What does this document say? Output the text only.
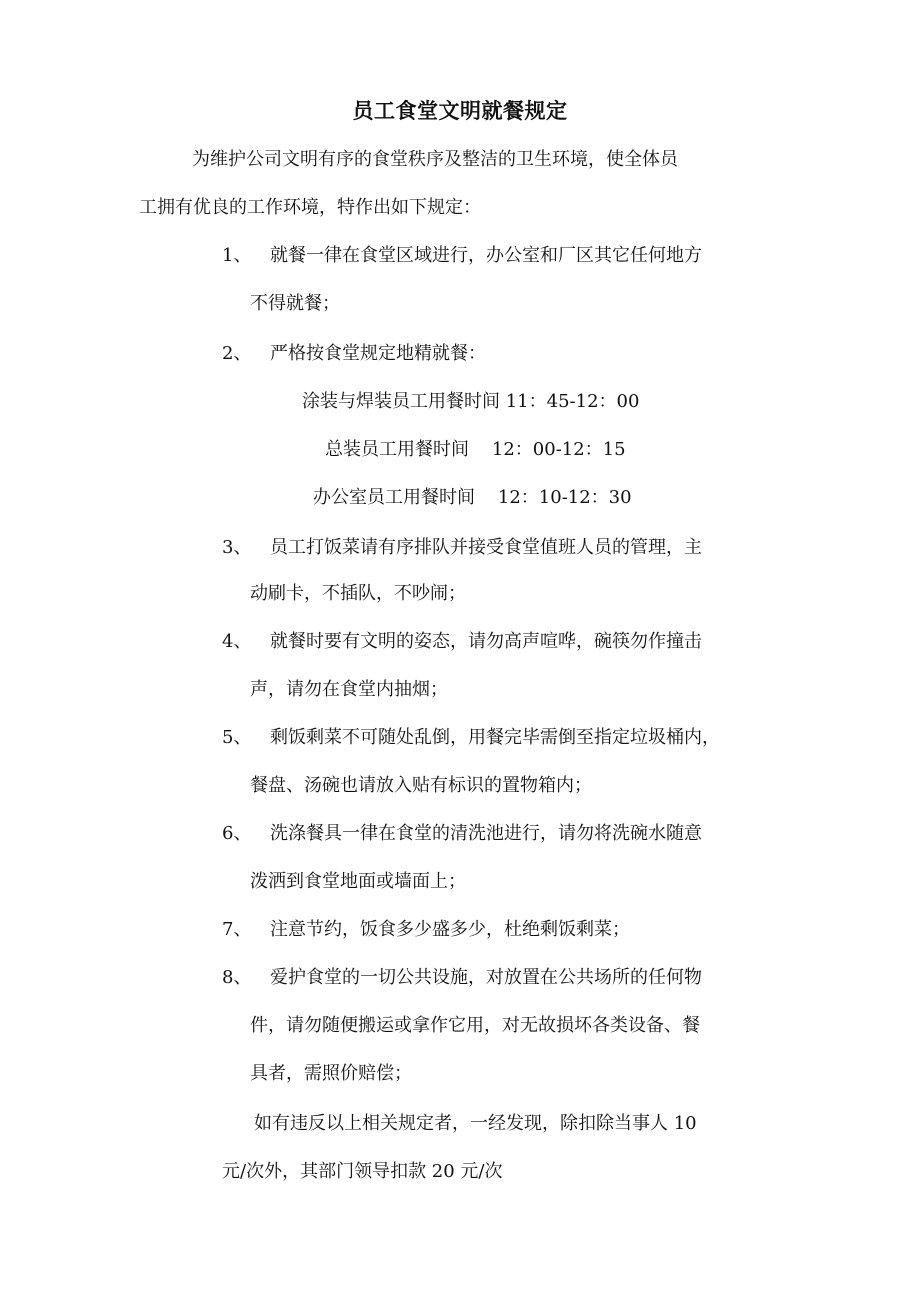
员工食堂文明就餐规定
为维护公司文明有序的食堂秩序及整洁的卫生环境，使全体员
工拥有优良的工作环境，特作出如下规定：
1、 就餐一律在食堂区域进行，办公室和厂区其它任何地方
不得就餐；
2、 严格按食堂规定地精就餐：
涂装与焊装员工用餐时间 11：45-12：00
总装员工用餐时间    12：00-12：15
办公室员工用餐时间    12：10-12：30
3、 员工打饭菜请有序排队并接受食堂值班人员的管理，主
动刷卡，不插队，不吵闹；
4、 就餐时要有文明的姿态，请勿高声喧哗，碗筷勿作撞击
声，请勿在食堂内抽烟；
5、 剩饭剩菜不可随处乱倒，用餐完毕需倒至指定垃圾桶内，
餐盘、汤碗也请放入贴有标识的置物箱内；
6、 洗涤餐具一律在食堂的清洗池进行，请勿将洗碗水随意
泼洒到食堂地面或墙面上；
7、 注意节约，饭食多少盛多少，杜绝剩饭剩菜；
8、 爱护食堂的一切公共设施，对放置在公共场所的任何物
件，请勿随便搬运或拿作它用，对无故损坏各类设备、餐
具者，需照价赔偿；
如有违反以上相关规定者，一经发现，除扣除当事人 10
元/次外，其部门领导扣款 20 元/次
